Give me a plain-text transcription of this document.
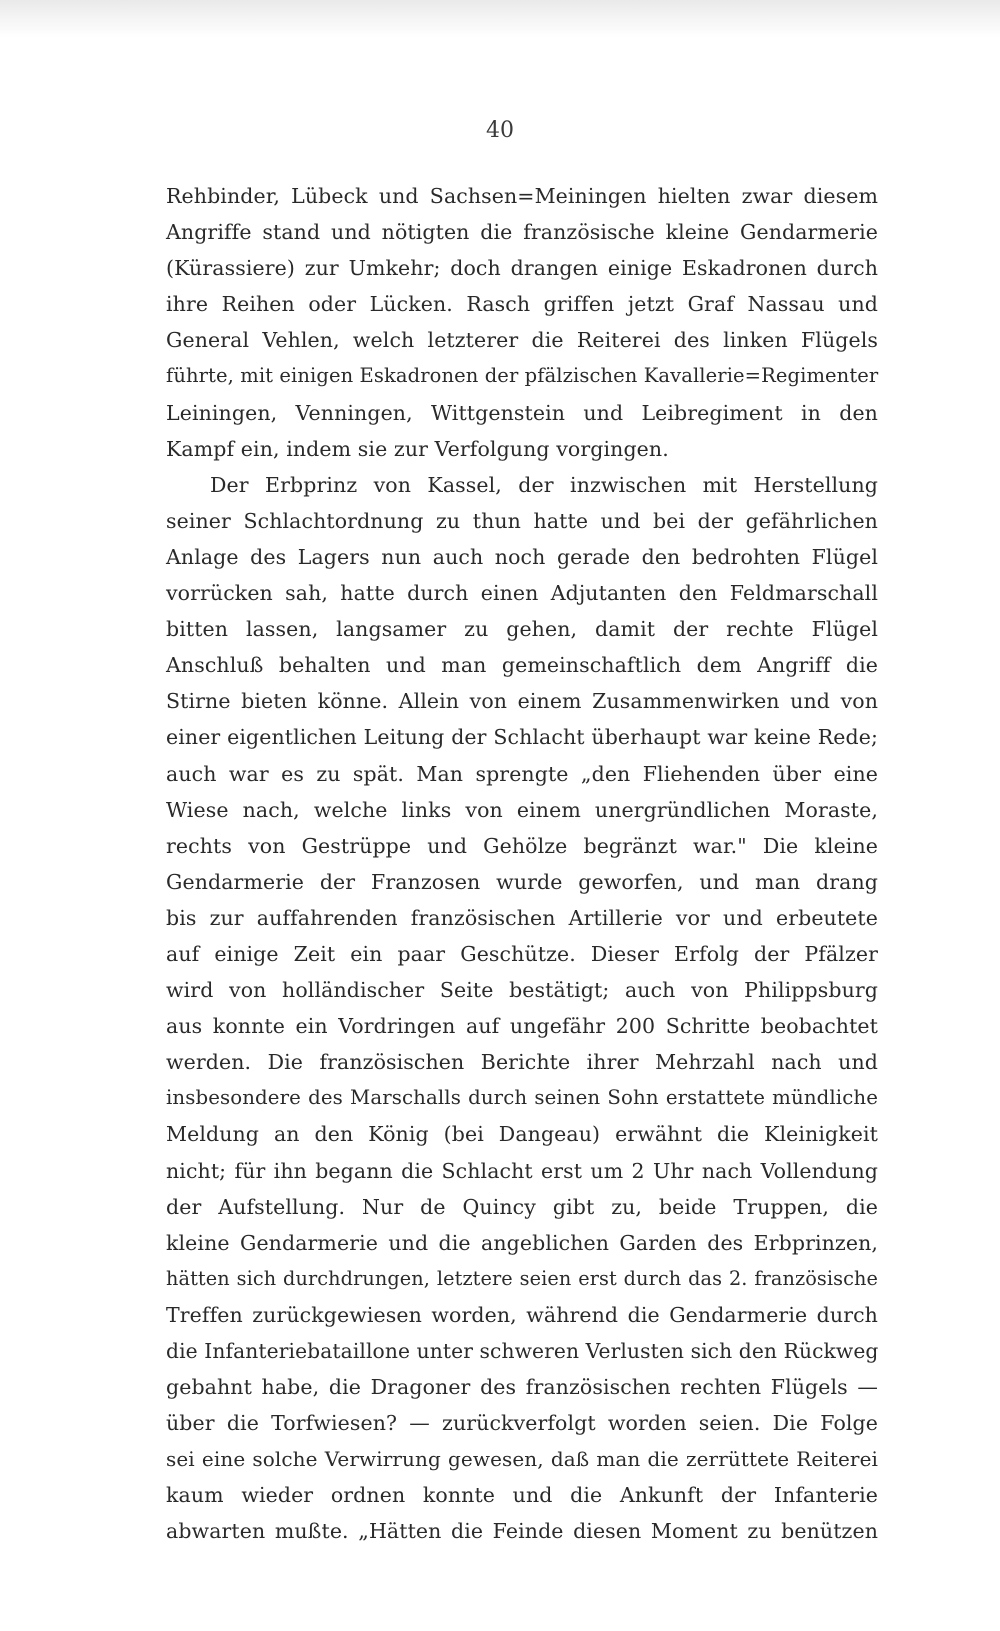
40
Rehbinder, Lübeck und Sachsen=Meiningen hielten zwar diesem
Angriffe stand und nötigten die französische kleine Gendarmerie
(Kürassiere) zur Umkehr; doch drangen einige Eskadronen durch
ihre Reihen oder Lücken. Rasch griffen jetzt Graf Nassau und
General Vehlen, welch letzterer die Reiterei des linken Flügels
führte, mit einigen Eskadronen der pfälzischen Kavallerie=Regimenter
Leiningen, Venningen, Wittgenstein und Leibregiment in den
Kampf ein, indem sie zur Verfolgung vorgingen.
Der Erbprinz von Kassel, der inzwischen mit Herstellung
seiner Schlachtordnung zu thun hatte und bei der gefährlichen
Anlage des Lagers nun auch noch gerade den bedrohten Flügel
vorrücken sah, hatte durch einen Adjutanten den Feldmarschall
bitten lassen, langsamer zu gehen, damit der rechte Flügel
Anschluß behalten und man gemeinschaftlich dem Angriff die
Stirne bieten könne. Allein von einem Zusammenwirken und von
einer eigentlichen Leitung der Schlacht überhaupt war keine Rede;
auch war es zu spät. Man sprengte „den Fliehenden über eine
Wiese nach, welche links von einem unergründlichen Moraste,
rechts von Gestrüppe und Gehölze begränzt war." Die kleine
Gendarmerie der Franzosen wurde geworfen, und man drang
bis zur auffahrenden französischen Artillerie vor und erbeutete
auf einige Zeit ein paar Geschütze. Dieser Erfolg der Pfälzer
wird von holländischer Seite bestätigt; auch von Philippsburg
aus konnte ein Vordringen auf ungefähr 200 Schritte beobachtet
werden. Die französischen Berichte ihrer Mehrzahl nach und
insbesondere des Marschalls durch seinen Sohn erstattete mündliche
Meldung an den König (bei Dangeau) erwähnt die Kleinigkeit
nicht; für ihn begann die Schlacht erst um 2 Uhr nach Vollendung
der Aufstellung. Nur de Quincy gibt zu, beide Truppen, die
kleine Gendarmerie und die angeblichen Garden des Erbprinzen,
hätten sich durchdrungen, letztere seien erst durch das 2. französische
Treffen zurückgewiesen worden, während die Gendarmerie durch
die Infanteriebataillone unter schweren Verlusten sich den Rückweg
gebahnt habe, die Dragoner des französischen rechten Flügels —
über die Torfwiesen? — zurückverfolgt worden seien. Die Folge
sei eine solche Verwirrung gewesen, daß man die zerrüttete Reiterei
kaum wieder ordnen konnte und die Ankunft der Infanterie
abwarten mußte. „Hätten die Feinde diesen Moment zu benützen
